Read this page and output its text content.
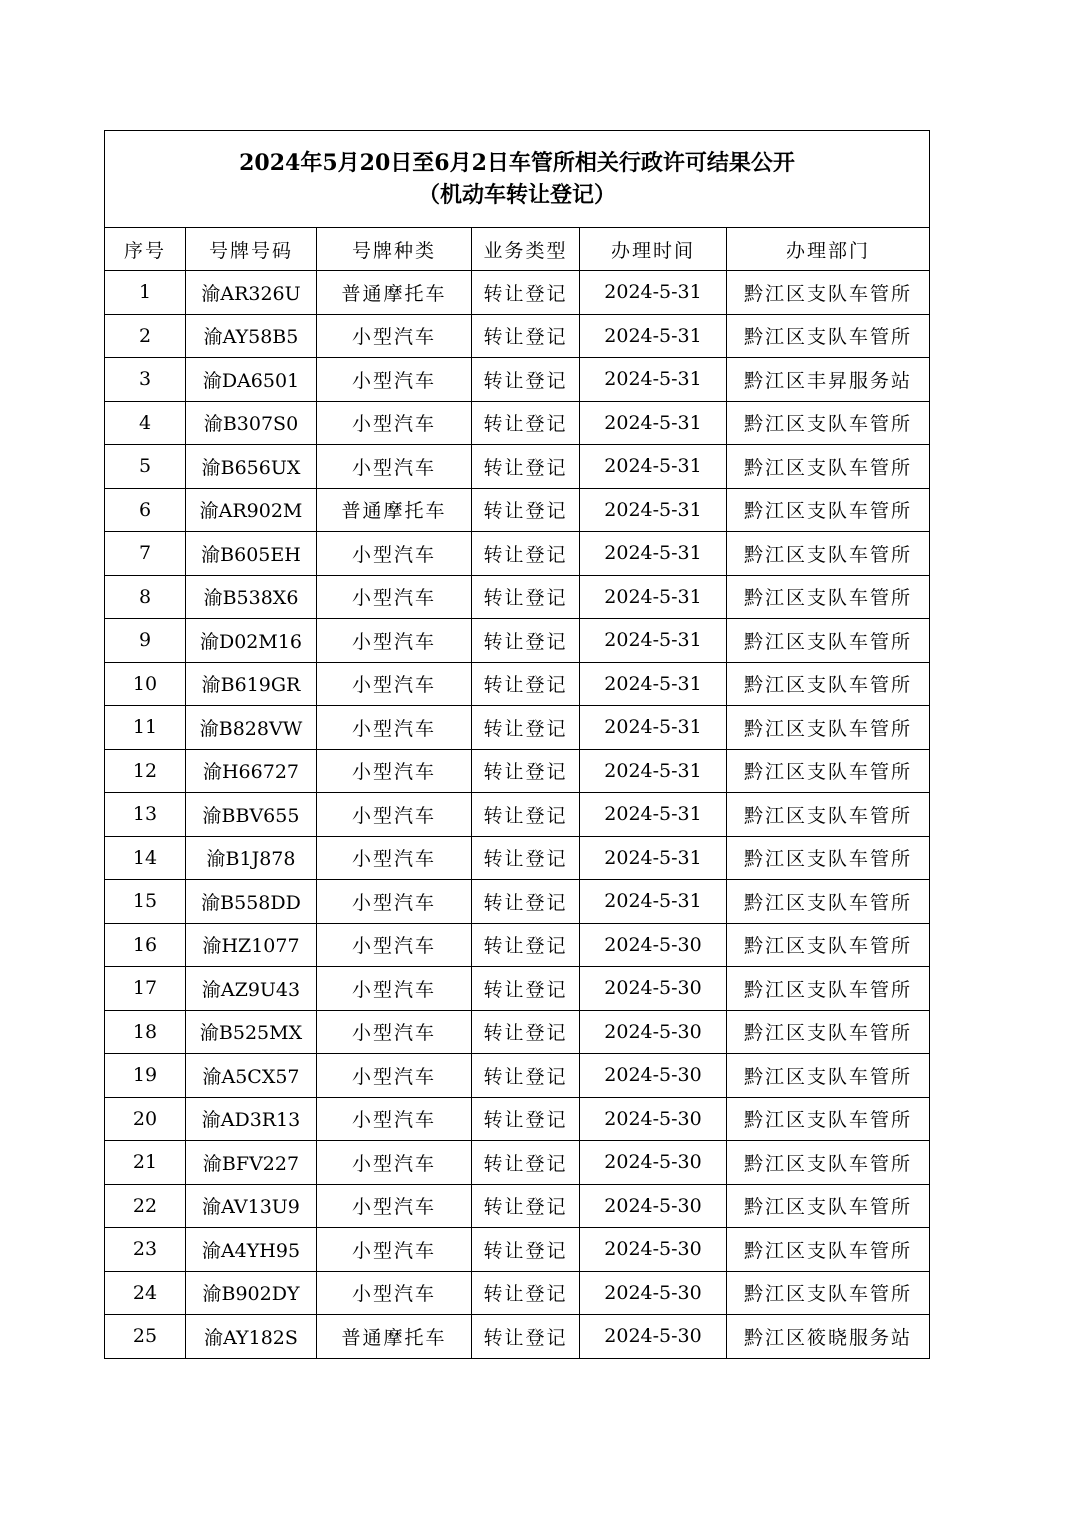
2024年5月20日至6月2日车管所相关行政许可结果公开
（机动车转让登记）					

序号	号牌号码	号牌种类	业务类型	办理时间	办理部门
1	渝AR326U	普通摩托车	转让登记	2024-5-31	黔江区支队车管所
2	渝AY58B5	小型汽车	转让登记	2024-5-31	黔江区支队车管所
3	渝DA6501	小型汽车	转让登记	2024-5-31	黔江区丰昇服务站
4	渝B307S0	小型汽车	转让登记	2024-5-31	黔江区支队车管所
5	渝B656UX	小型汽车	转让登记	2024-5-31	黔江区支队车管所
6	渝AR902M	普通摩托车	转让登记	2024-5-31	黔江区支队车管所
7	渝B605EH	小型汽车	转让登记	2024-5-31	黔江区支队车管所
8	渝B538X6	小型汽车	转让登记	2024-5-31	黔江区支队车管所
9	渝D02M16	小型汽车	转让登记	2024-5-31	黔江区支队车管所
10	渝B619GR	小型汽车	转让登记	2024-5-31	黔江区支队车管所
11	渝B828VW	小型汽车	转让登记	2024-5-31	黔江区支队车管所
12	渝H66727	小型汽车	转让登记	2024-5-31	黔江区支队车管所
13	渝BBV655	小型汽车	转让登记	2024-5-31	黔江区支队车管所
14	渝B1J878	小型汽车	转让登记	2024-5-31	黔江区支队车管所
15	渝B558DD	小型汽车	转让登记	2024-5-31	黔江区支队车管所
16	渝HZ1077	小型汽车	转让登记	2024-5-30	黔江区支队车管所
17	渝AZ9U43	小型汽车	转让登记	2024-5-30	黔江区支队车管所
18	渝B525MX	小型汽车	转让登记	2024-5-30	黔江区支队车管所
19	渝A5CX57	小型汽车	转让登记	2024-5-30	黔江区支队车管所
20	渝AD3R13	小型汽车	转让登记	2024-5-30	黔江区支队车管所
21	渝BFV227	小型汽车	转让登记	2024-5-30	黔江区支队车管所
22	渝AV13U9	小型汽车	转让登记	2024-5-30	黔江区支队车管所
23	渝A4YH95	小型汽车	转让登记	2024-5-30	黔江区支队车管所
24	渝B902DY	小型汽车	转让登记	2024-5-30	黔江区支队车管所
25	渝AY182S	普通摩托车	转让登记	2024-5-30	黔江区筱晓服务站
